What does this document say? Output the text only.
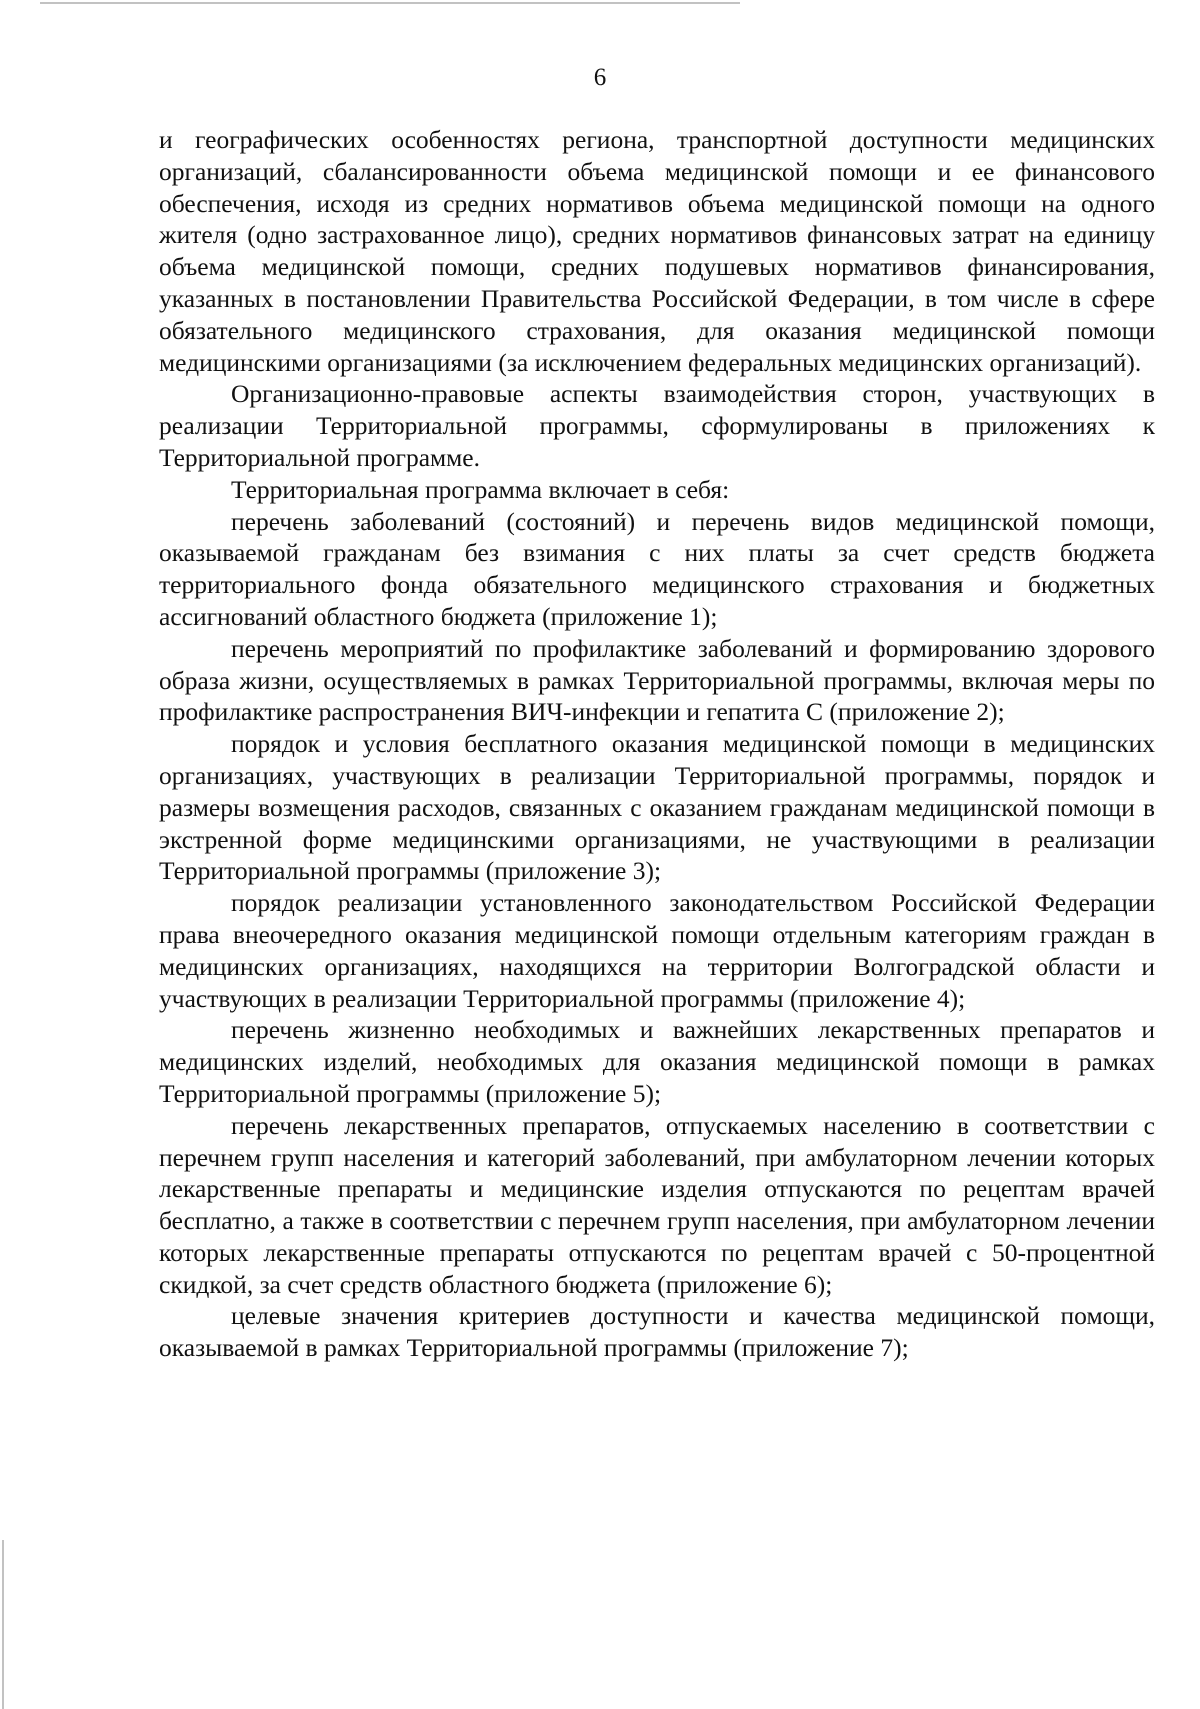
6

и географических особенностях региона, транспортной доступности медицинских организаций, сбалансированности объема медицинской помощи и ее финансового обеспечения, исходя из средних нормативов объема медицинской помощи на одного жителя (одно застрахованное лицо), средних нормативов финансовых затрат на единицу объема медицинской помощи, средних подушевых нормативов финансирования, указанных в постановлении Правительства Российской Федерации, в том числе в сфере обязательного медицинского страхования, для оказания медицинской помощи медицинскими организациями (за исключением федеральных медицинских организаций).

Организационно-правовые аспекты взаимодействия сторон, участвующих в реализации Территориальной программы, сформулированы в приложениях к Территориальной программе.

Территориальная программа включает в себя:

перечень заболеваний (состояний) и перечень видов медицинской помощи, оказываемой гражданам без взимания с них платы за счет средств бюджета территориального фонда обязательного медицинского страхования и бюджетных ассигнований областного бюджета (приложение 1);

перечень мероприятий по профилактике заболеваний и формированию здорового образа жизни, осуществляемых в рамках Территориальной программы, включая меры по профилактике распространения ВИЧ-инфекции и гепатита С (приложение 2);

порядок и условия бесплатного оказания медицинской помощи в медицинских организациях, участвующих в реализации Территориальной программы, порядок и размеры возмещения расходов, связанных с оказанием гражданам медицинской помощи в экстренной форме медицинскими организациями, не участвующими в реализации Территориальной программы (приложение 3);

порядок реализации установленного законодательством Российской Федерации права внеочередного оказания медицинской помощи отдельным категориям граждан в медицинских организациях, находящихся на территории Волгоградской области и участвующих в реализации Территориальной программы (приложение 4);

перечень жизненно необходимых и важнейших лекарственных препаратов и медицинских изделий, необходимых для оказания медицинской помощи в рамках Территориальной программы (приложение 5);

перечень лекарственных препаратов, отпускаемых населению в соответствии с перечнем групп населения и категорий заболеваний, при амбулаторном лечении которых лекарственные препараты и медицинские изделия отпускаются по рецептам врачей бесплатно, а также в соответствии с перечнем групп населения, при амбулаторном лечении которых лекарственные препараты отпускаются по рецептам врачей с 50-процентной скидкой, за счет средств областного бюджета (приложение 6);

целевые значения критериев доступности и качества медицинской помощи, оказываемой в рамках Территориальной программы (приложение 7);
